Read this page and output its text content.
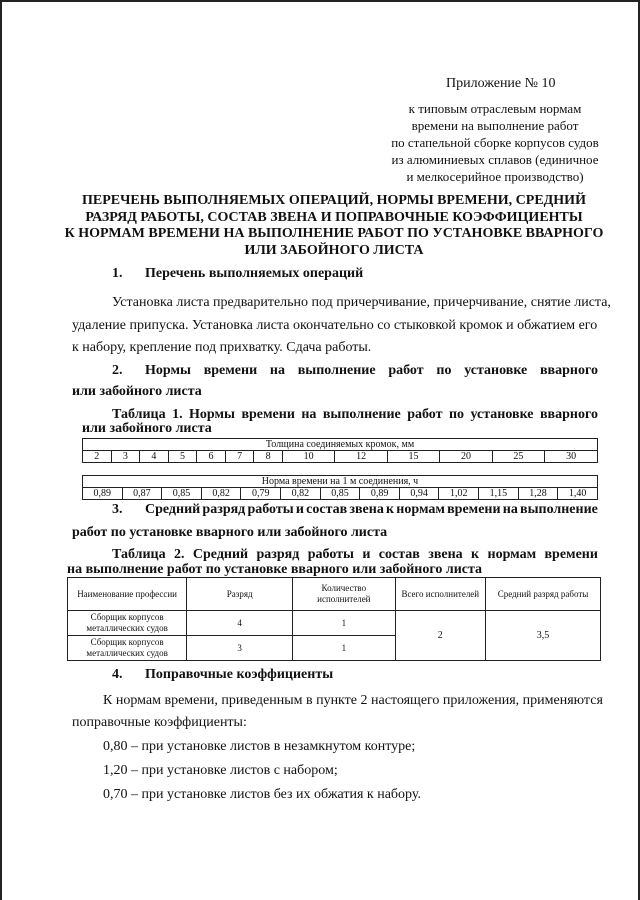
Приложение № 10
к типовым отраслевым нормам
времени на выполнение работ
по стапельной сборке корпусов судов
из алюминиевых сплавов (единичное
и мелкосерийное производство)
ПЕРЕЧЕНЬ ВЫПОЛНЯЕМЫХ ОПЕРАЦИЙ, НОРМЫ ВРЕМЕНИ, СРЕДНИЙ
РАЗРЯД РАБОТЫ, СОСТАВ ЗВЕНА И ПОПРАВОЧНЫЕ КОЭФФИЦИЕНТЫ
К НОРМАМ ВРЕМЕНИ НА ВЫПОЛНЕНИЕ РАБОТ ПО УСТАНОВКЕ ВВАРНОГО
ИЛИ ЗАБОЙНОГО ЛИСТА
1. Перечень выполняемых операций
Установка листа предварительно под причерчивание, причерчивание, снятие листа,
удаление припуска. Установка листа окончательно со стыковкой кромок и обжатием его
к набору, крепление под прихватку. Сдача работы.
2. Нормы времени на выполнение работ по установке вварного
или забойного листа
Таблица 1. Нормы времени на выполнение работ по установке вварного
или забойного листа
Толщина соединяемых кромок, мм
2	3	4	5	6	7	8	10	12	15	20	25	30
Норма времени на 1 м соединения, ч
0,89	0,87	0,85	0,82	0,79	0,82	0,85	0,89	0,94	1,02	1,15	1,28	1,40
3. Средний разряд работы и состав звена к нормам времени на выполнение
работ по установке вварного или забойного листа
Таблица 2. Средний разряд работы и состав звена к нормам времени
на выполнение работ по установке вварного или забойного листа
Наименование профессии	Разряд	Количество исполнителей	Всего исполнителей	Средний разряд работы
Сборщик корпусов металлических судов	4	1	2	3,5
Сборщик корпусов металлических судов	3	1		
4. Поправочные коэффициенты
К нормам времени, приведенным в пункте 2 настоящего приложения, применяются
поправочные коэффициенты:
0,80 – при установке листов в незамкнутом контуре;
1,20 – при установке листов с набором;
0,70 – при установке листов без их обжатия к набору.
